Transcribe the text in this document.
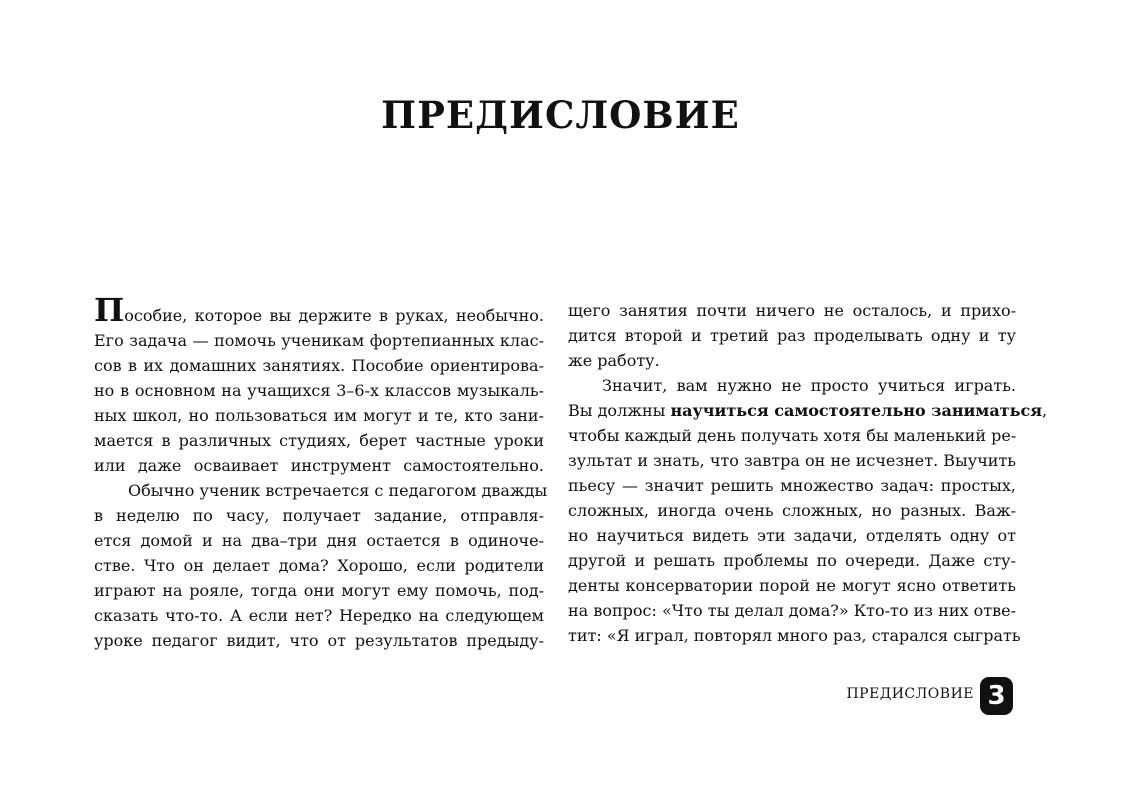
ПРЕДИСЛОВИЕ

Пособие, которое вы держите в руках, необычно.

Его задача — помочь ученикам фортепианных клас-

сов в их домашних занятиях. Пособие ориентирова-

но в основном на учащихся 3–6-х классов музыкаль-

ных школ, но пользоваться им могут и те, кто зани-

мается в различных студиях, берет частные уроки

или даже осваивает инструмент самостоятельно.

Обычно ученик встречается с педагогом дважды

в неделю по часу, получает задание, отправля-

ется домой и на два–три дня остается в одиноче-

стве. Что он делает дома? Хорошо, если родители

играют на рояле, тогда они могут ему помочь, под-

сказать что-то. А если нет? Нередко на следующем

уроке педагог видит, что от результатов предыду-

щего занятия почти ничего не осталось, и прихо-

дится второй и третий раз проделывать одну и ту

же работу.

Значит, вам нужно не просто учиться играть.

Вы должны научиться самостоятельно заниматься,

чтобы каждый день получать хотя бы маленький ре-

зультат и знать, что завтра он не исчезнет. Выучить

пьесу — значит решить множество задач: простых,

сложных, иногда очень сложных, но разных. Важ-

но научиться видеть эти задачи, отделять одну от

другой и решать проблемы по очереди. Даже сту-

денты консерватории порой не могут ясно ответить

на вопрос: «Что ты делал дома?» Кто-то из них отве-

тит: «Я играл, повторял много раз, старался сыграть

ПРЕДИСЛОВИЕ 3
